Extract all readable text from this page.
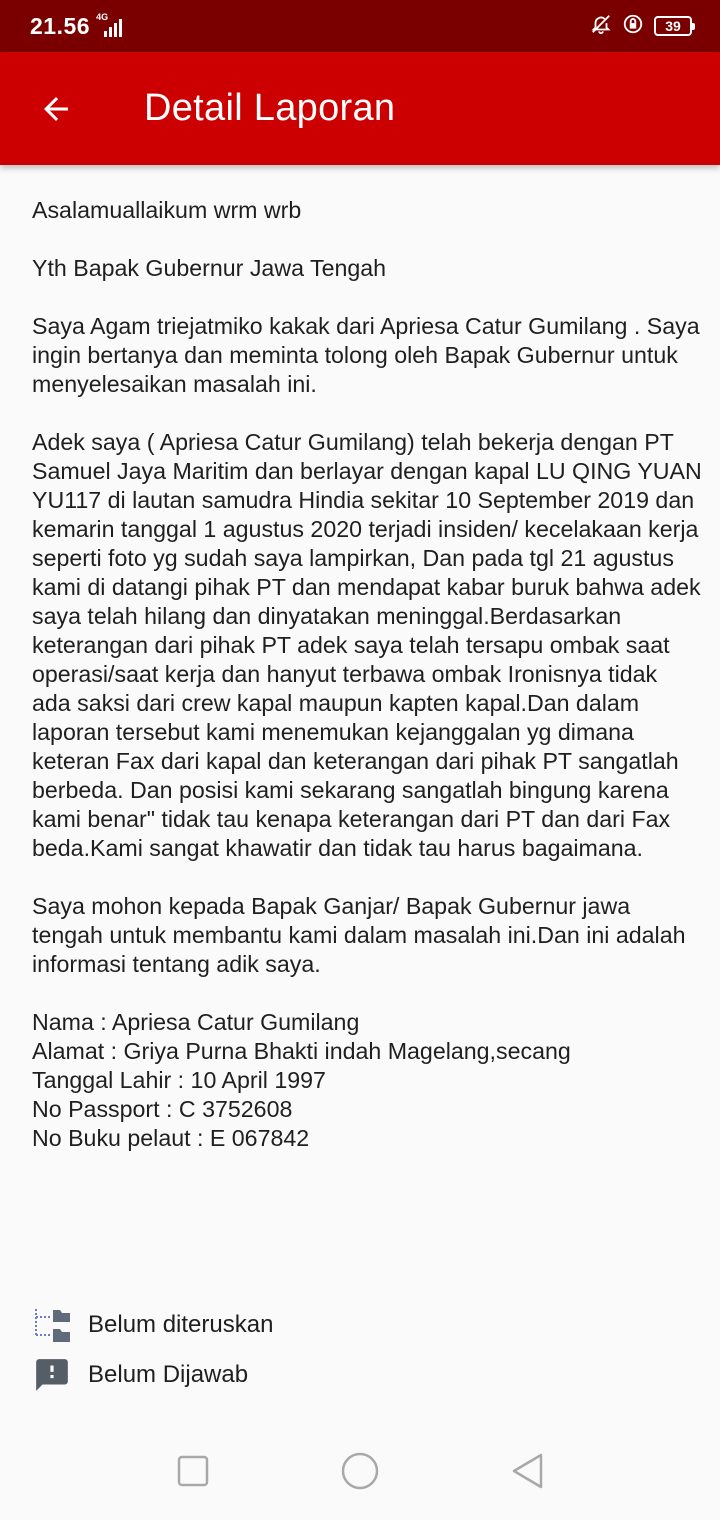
21.56 4G
39
Detail Laporan

Asalamuallaikum wrm wrb

Yth Bapak Gubernur Jawa Tengah

Saya Agam triejatmiko kakak dari Apriesa Catur Gumilang . Saya ingin bertanya dan meminta tolong oleh Bapak Gubernur untuk menyelesaikan masalah ini.

Adek saya ( Apriesa Catur Gumilang) telah bekerja dengan PT Samuel Jaya Maritim dan berlayar dengan kapal LU QING YUAN YU117 di lautan samudra Hindia sekitar 10 September 2019 dan kemarin tanggal 1 agustus 2020 terjadi insiden/ kecelakaan kerja seperti foto yg sudah saya lampirkan, Dan pada tgl 21 agustus kami di datangi pihak PT dan mendapat kabar buruk bahwa adek saya telah hilang dan dinyatakan meninggal.Berdasarkan keterangan dari pihak PT adek saya telah tersapu ombak saat operasi/saat kerja dan hanyut terbawa ombak Ironisnya tidak ada saksi dari crew kapal maupun kapten kapal.Dan dalam laporan tersebut kami menemukan kejanggalan yg dimana keteran Fax dari kapal dan keterangan dari pihak PT sangatlah berbeda. Dan posisi kami sekarang sangatlah bingung karena kami benar" tidak tau kenapa keterangan dari PT dan dari Fax beda.Kami sangat khawatir dan tidak tau harus bagaimana.

Saya mohon kepada Bapak Ganjar/ Bapak Gubernur jawa tengah untuk membantu kami dalam masalah ini.Dan ini adalah informasi tentang adik saya.

Nama : Apriesa Catur Gumilang

Alamat : Griya Purna Bhakti indah Magelang,secang

Tanggal Lahir : 10 April 1997

No Passport : C 3752608

No Buku pelaut : E 067842

Belum diteruskan
Belum Dijawab
